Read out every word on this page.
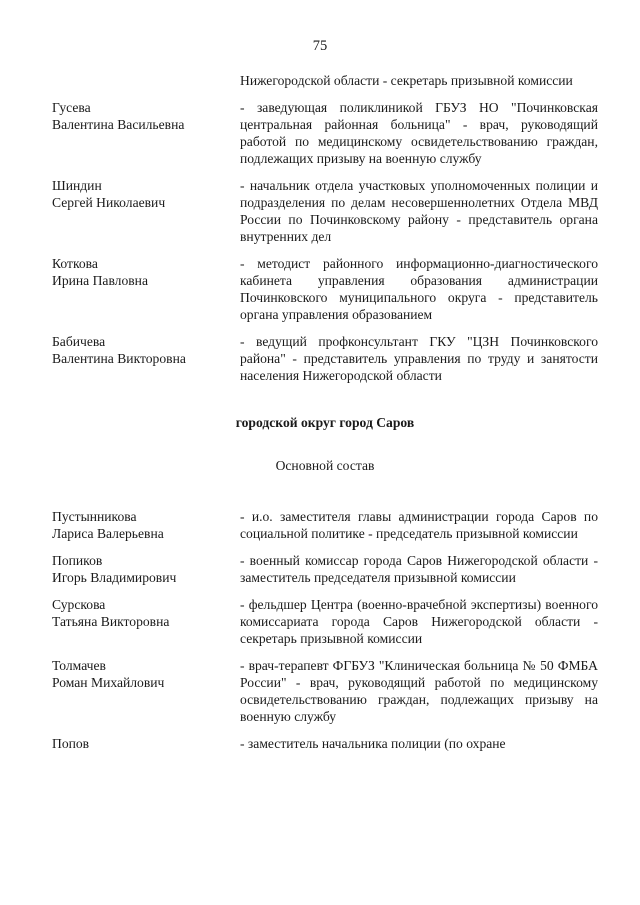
75
Нижегородской области - секретарь призывной комиссии
Гусева
Валентина Васильевна
- заведующая поликлиникой ГБУЗ НО "Починковская центральная районная больница" - врач, руководящий работой по медицинскому освидетельствованию граждан, подлежащих призыву на военную службу
Шиндин
Сергей Николаевич
- начальник отдела участковых уполномоченных полиции и подразделения по делам несовершеннолетних Отдела МВД России по Починковскому району - представитель органа внутренних дел
Коткова
Ирина Павловна
- методист районного информационно-диагностического кабинета управления образования администрации Починковского муниципального округа - представитель органа управления образованием
Бабичева
Валентина Викторовна
- ведущий профконсультант ГКУ "ЦЗН Починковского района" - представитель управления по труду и занятости населения Нижегородской области
городской округ город Саров
Основной состав
Пустынникова
Лариса Валерьевна
- и.о. заместителя главы администрации города Саров по социальной политике - председатель призывной комиссии
Попиков
Игорь Владимирович
- военный комиссар города Саров Нижегородской области - заместитель председателя призывной комиссии
Сурскова
Татьяна Викторовна
- фельдшер Центра (военно-врачебной экспертизы) военного комиссариата города Саров Нижегородской области - секретарь призывной комиссии
Толмачев
Роман Михайлович
- врач-терапевт ФГБУЗ "Клиническая больница № 50 ФМБА России" - врач, руководящий работой по медицинскому освидетельствованию граждан, подлежащих призыву на военную службу
Попов	- заместитель начальника полиции (по охране
